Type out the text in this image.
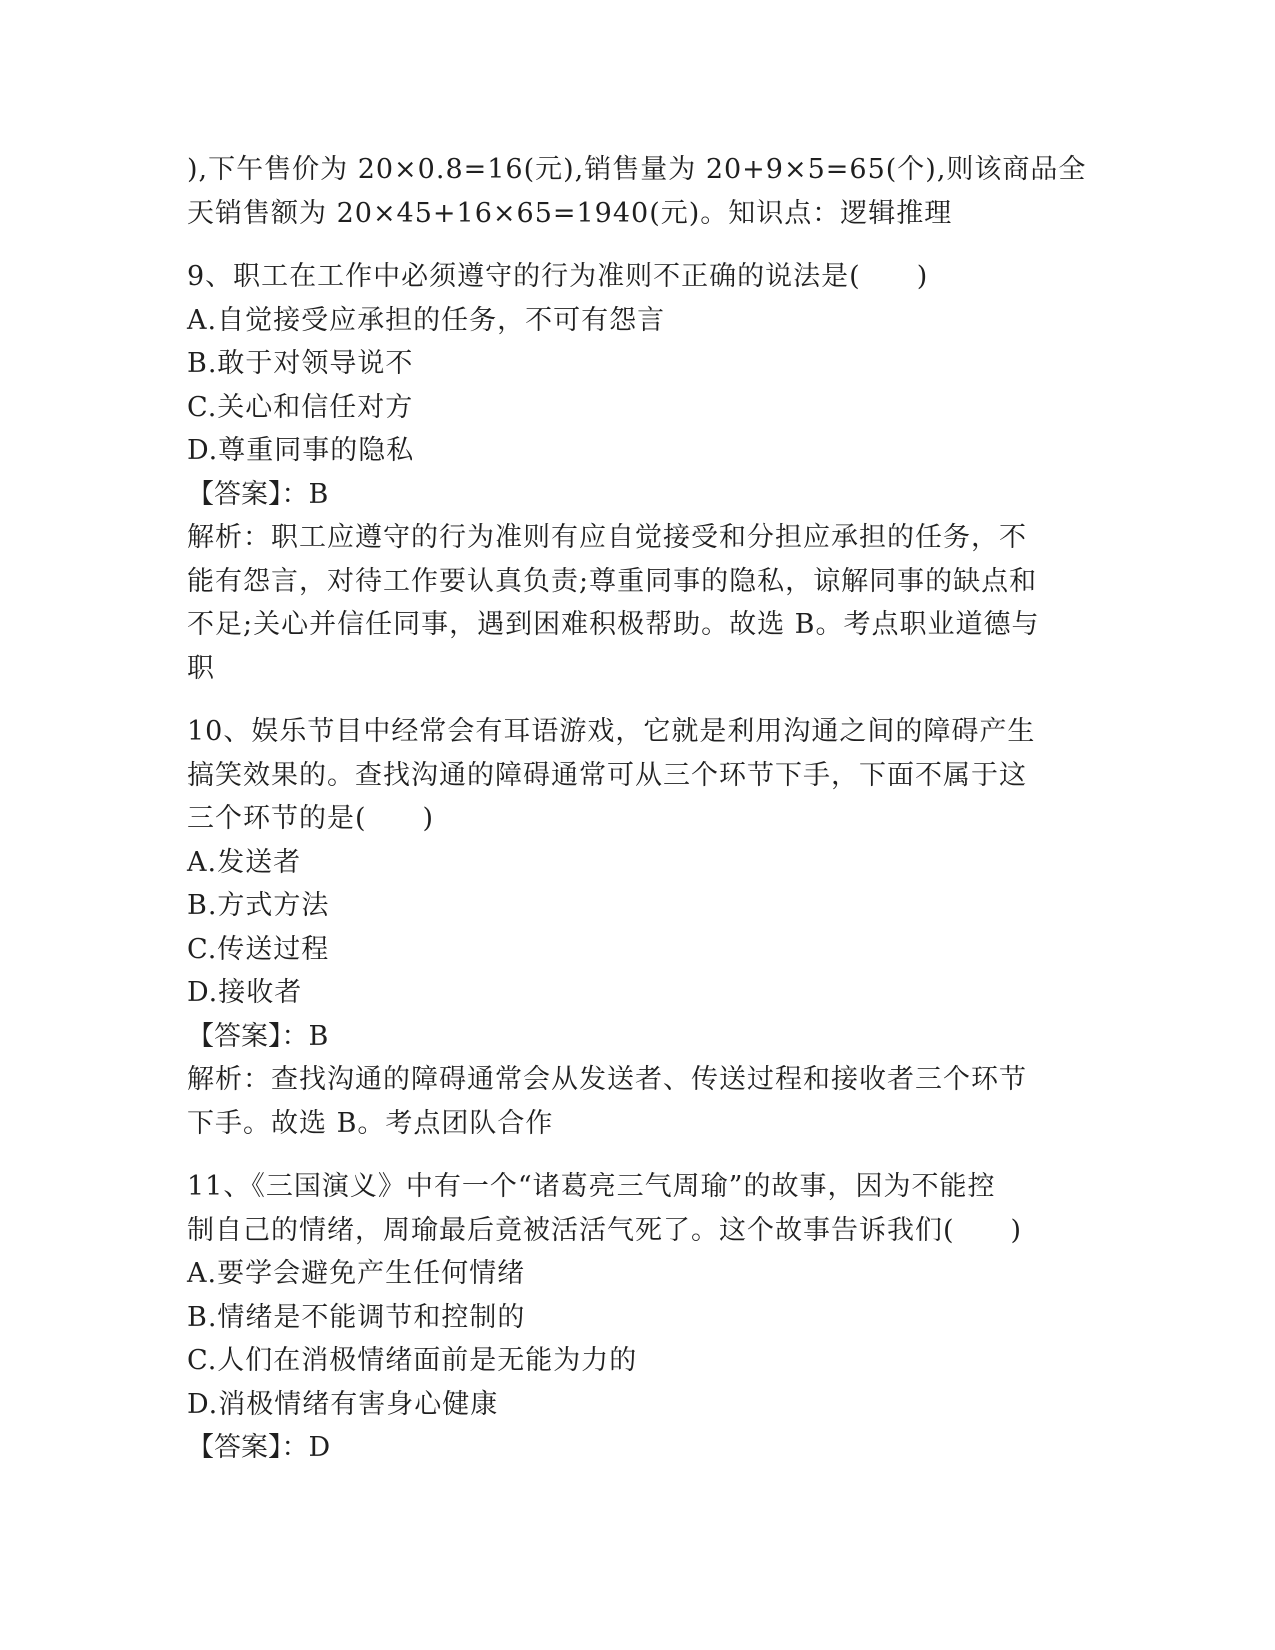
),下午售价为 20×0.8=16(元),销售量为 20+9×5=65(个),则该商品全
天销售额为 20×45+16×65=1940(元)。知识点：逻辑推理
9、职工在工作中必须遵守的行为准则不正确的说法是(　　)
A.自觉接受应承担的任务，不可有怨言
B.敢于对领导说不
C.关心和信任对方
D.尊重同事的隐私
【答案】：B
解析：职工应遵守的行为准则有应自觉接受和分担应承担的任务，不
能有怨言，对待工作要认真负责;尊重同事的隐私，谅解同事的缺点和
不足;关心并信任同事，遇到困难积极帮助。故选 B。考点职业道德与
职
10、娱乐节目中经常会有耳语游戏，它就是利用沟通之间的障碍产生
搞笑效果的。查找沟通的障碍通常可从三个环节下手，下面不属于这
三个环节的是(　　)
A.发送者
B.方式方法
C.传送过程
D.接收者
【答案】：B
解析：查找沟通的障碍通常会从发送者、传送过程和接收者三个环节
下手。故选 B。考点团队合作
11、《三国演义》中有一个“诸葛亮三气周瑜”的故事，因为不能控
制自己的情绪，周瑜最后竟被活活气死了。这个故事告诉我们(　　)
A.要学会避免产生任何情绪
B.情绪是不能调节和控制的
C.人们在消极情绪面前是无能为力的
D.消极情绪有害身心健康
【答案】：D
